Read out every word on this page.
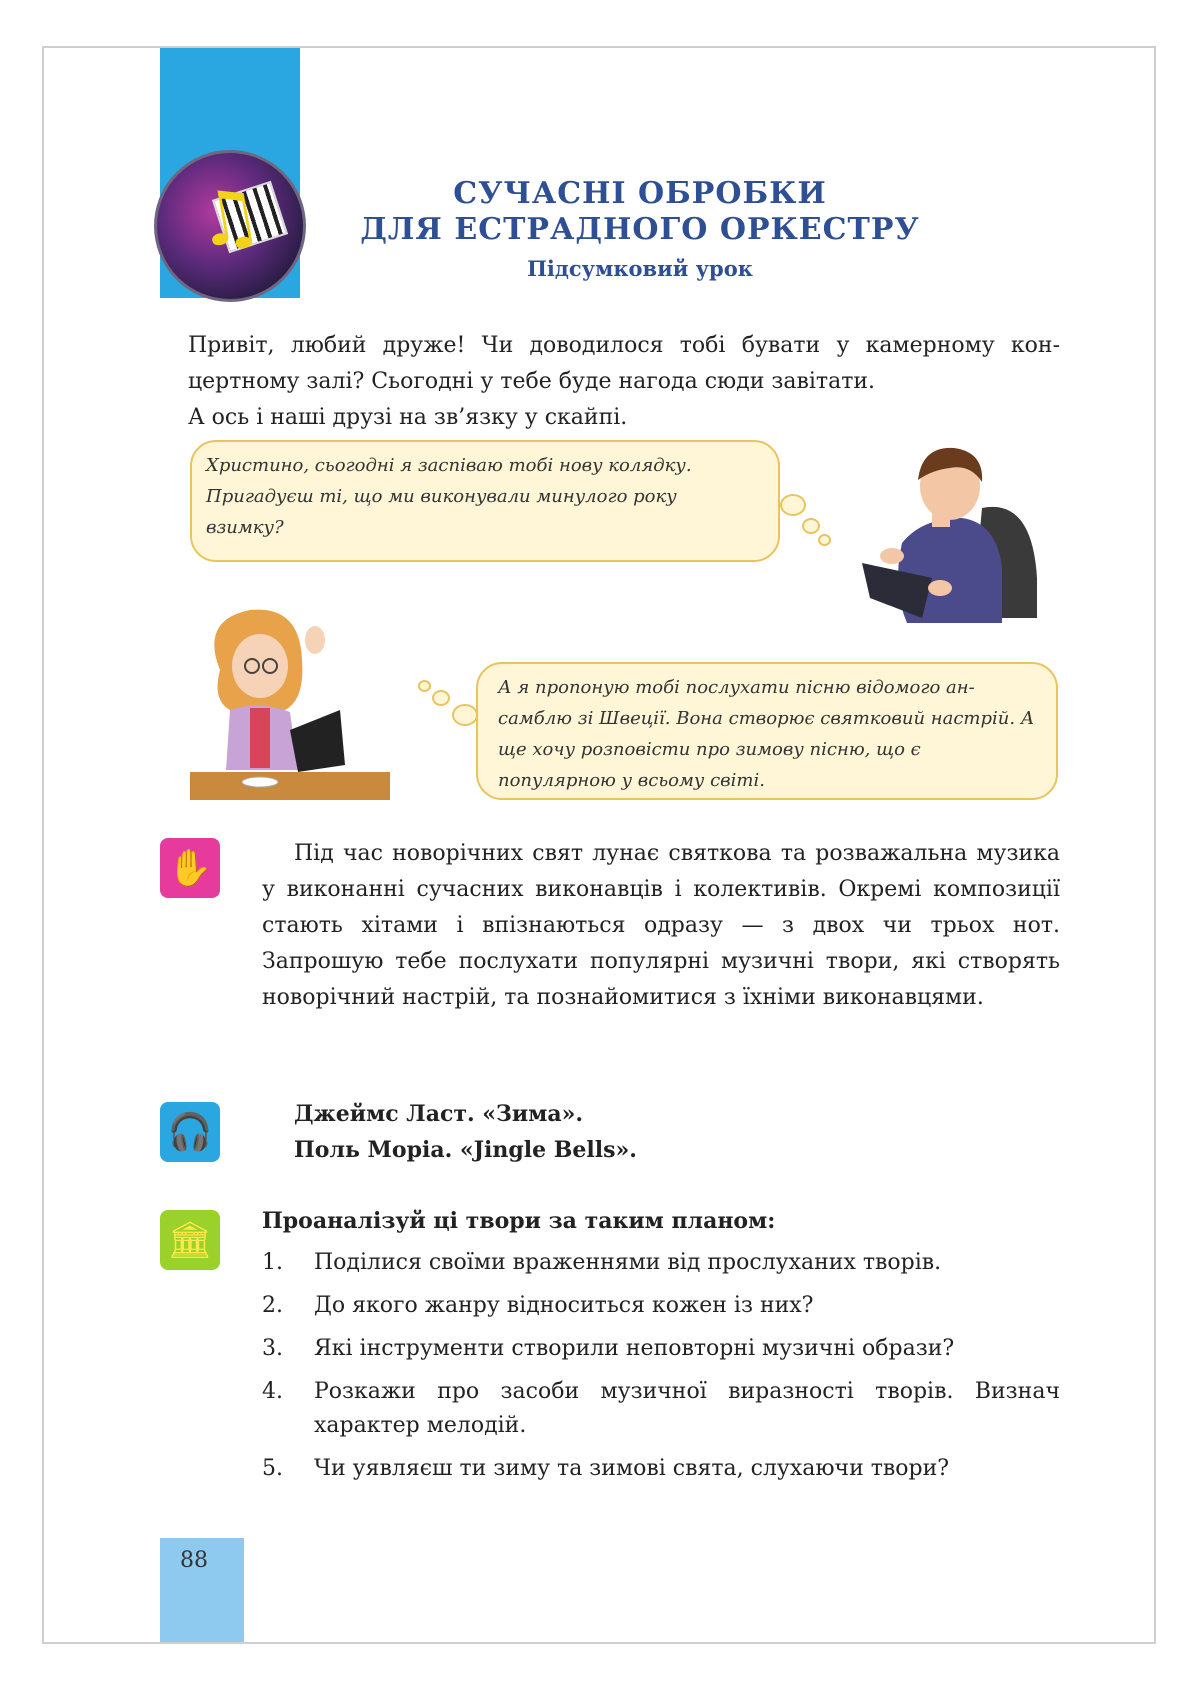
88
♫	СУЧАСНІ ОБРОБКИ
ДЛЯ ЕСТРАДНОГО ОРКЕСТРУ
Підсумковий урок

Привіт, любий друже! Чи доводилося тобі бувати у камерному концертному залі? Сьогодні у тебе буде нагода сюди завітати.

А ось і наші друзі на зв’язку у скайпі.

Христино, сьогодні я заспіваю тобі нову колядку. Пригадуєш ті, що ми виконували минулого року взимку?
А я пропоную тобі послухати пісню відомого ансамблю зі Швеції. Вона створює святковий настрій. А ще хочу розповісти про зимову пісню, що є популярною у всьому світі.
✋	Під час новорічних свят лунає святкова та розважальна музика у виконанні сучасних виконавців і колективів. Окремі композиції стають хітами і впізнаються одразу — з двох чи трьох нот. Запрошую тебе послухати популярні музичні твори, які створять новорічний настрій, та познайомитися з їхніми виконавцями.
🎧	Джеймс Ласт. «Зима».
Поль Моріа. «Jingle Bells».
🏛	Проаналізуй ці твори за таким планом:
1.	Поділися своїми враженнями від прослуханих творів.
2.	До якого жанру відноситься кожен із них?
3.	Які інструменти створили неповторні музичні образи?
4.	Розкажи про засоби музичної виразності творів. Визнач характер мелодій.
5.	Чи уявляєш ти зиму та зимові свята, слухаючи твори?
